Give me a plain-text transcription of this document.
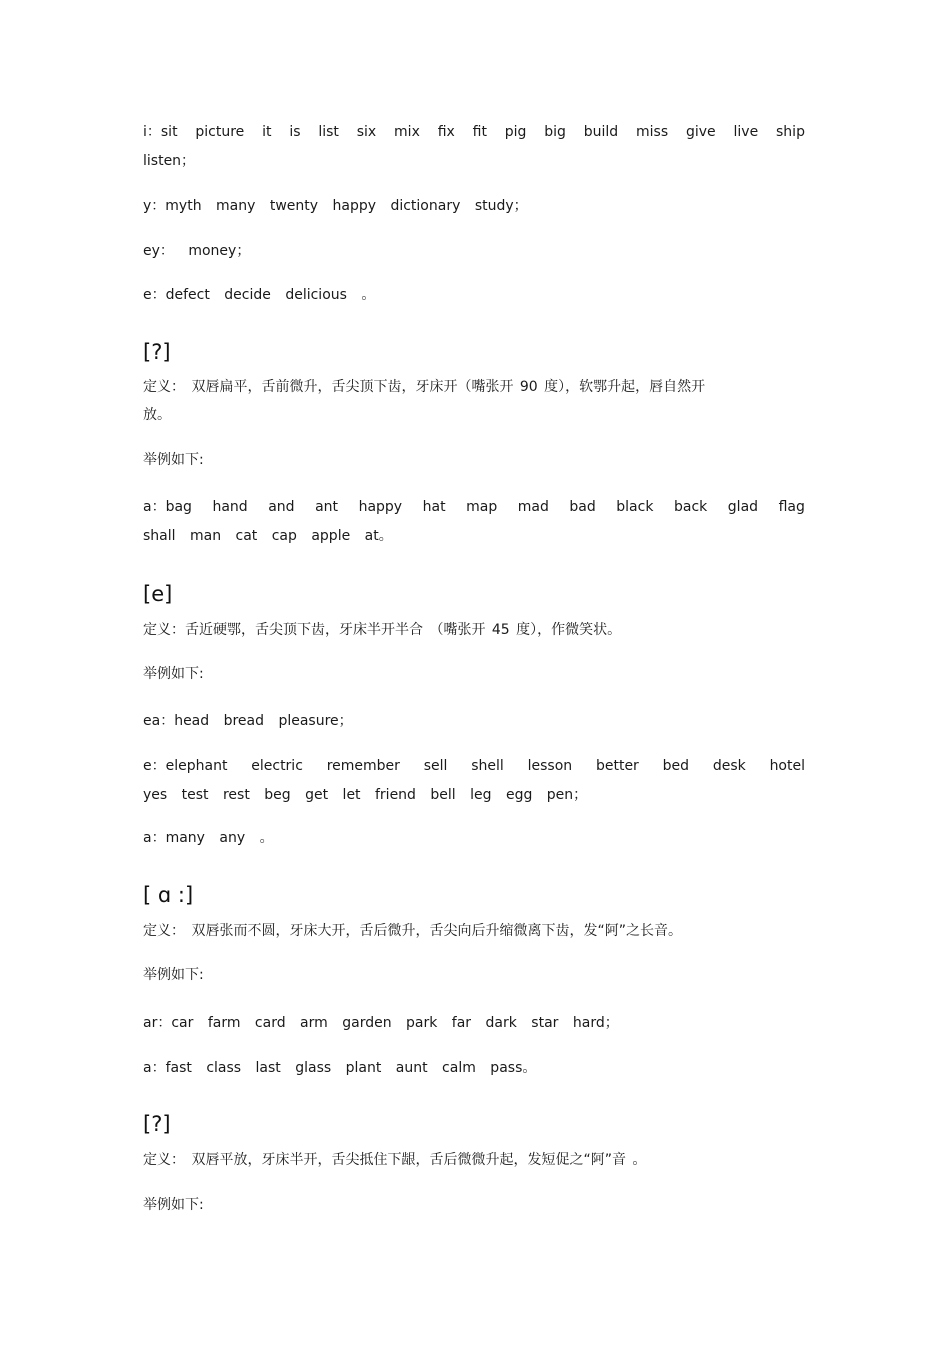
i：sit picture it is list six mix fix fit pig big build miss give live ship
listen；
y：myth many twenty happy dictionary study；
ey： money；
e：defect decide delicious 。
[?]
定义： 双唇扁平，舌前微升，舌尖顶下齿，牙床开（嘴张开 90 度），软鄂升起，唇自然开
放。
举例如下:
a：bag hand and ant happy hat map mad bad black back glad flag
shall man cat cap apple at。
[e]
定义：舌近硬鄂，舌尖顶下齿，牙床半开半合 （嘴张开 45 度），作微笑状。
举例如下:
ea：head bread pleasure；
e：elephant electric remember sell shell lesson better bed desk hotel
yes test rest beg get let friend bell leg egg pen；
a：many any 。
[ ɑ :]
定义： 双唇张而不圆，牙床大开，舌后微升，舌尖向后升缩微离下齿，发“阿”之长音。
举例如下:
ar：car farm card arm garden park far dark star hard；
a：fast class last glass plant aunt calm pass。
[?]
定义： 双唇平放，牙床半开，舌尖抵住下龈，舌后微微升起，发短促之“阿”音 。
举例如下:
